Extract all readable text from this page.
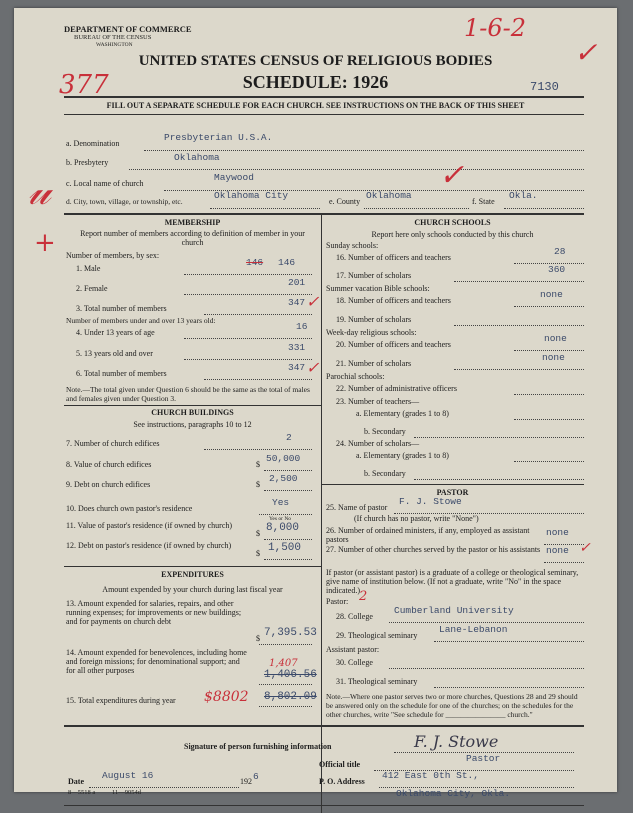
DEPARTMENT OF COMMERCE
BUREAU OF THE CENSUS
WASHINGTON
1-6-2
✓
UNITED STATES CENSUS OF RELIGIOUS BODIES
SCHEDULE: 1926
377	7130
FILL OUT A SEPARATE SCHEDULE FOR EACH CHURCH. SEE INSTRUCTIONS ON THE BACK OF THIS SHEET
a. Denomination
Presbyterian U.S.A.
b. Presbytery	Oklahoma
c. Local name of church
Maywood
d. City, town, village, or township, etc.
Oklahoma City
e. County
Oklahoma
✓
f. State
Okla.
𝓊
+
MEMBERSHIP
Report number of members according to definition of member in your church
Number of members, by sex:
1. Male
146 146
2. Female
201
3. Total number of members
347 ✓
Number of members under and over 13 years old:
4. Under 13 years of age
16
5. 13 years old and over
331
6. Total number of members
347 ✓
Note.—The total given under Question 6 should be the same as the total of males and females given under Question 3.
CHURCH BUILDINGS
See instructions, paragraphs 10 to 12
7. Number of church edifices
2
8. Value of church edifices	$
50,000
9. Debt on church edifices	$
2,500
10. Does church own pastor's residence
Yes
Yes or No
11. Value of pastor's residence (if owned by church)
$ 8,000
12. Debt on pastor's residence (if owned by church)
$ 1,500
EXPENDITURES
Amount expended by your church during last fiscal year
13. Amount expended for salaries, repairs, and other running expenses; for improvements or new buildings; and for payments on church debt
$ 7,395.53
14. Amount expended for benevolences, including home and foreign missions; for denominational support; and for all other purposes
1,407
1,406.56
15. Total expenditures during year $8802 8,802.09
CHURCH SCHOOLS
Report here only schools conducted by this church
Sunday schools:
16. Number of officers and teachers
28
17. Number of scholars
360
Summer vacation Bible schools:
18. Number of officers and teachers
none
19. Number of scholars
Week-day religious schools:
20. Number of officers and teachers
none
21. Number of scholars
none
Parochial schools:
22. Number of administrative officers
23. Number of teachers—
a. Elementary (grades 1 to 8)
b. Secondary
24. Number of scholars—
a. Elementary (grades 1 to 8)
b. Secondary
PASTOR
25. Name of pastor
F. J. Stowe
(If church has no pastor, write "None")
26. Number of ordained ministers, if any, employed as assistant pastors
none
27. Number of other churches served by the pastor or his assistants none ✓
If pastor (or assistant pastor) is a graduate of a college or theological seminary, give name of institution below. (If not a graduate, write "No" in the space indicated.)
Pastor: 2
28. College
Cumberland University
29. Theological seminary
Lane-Lebanon
Assistant pastor:
30. College
31. Theological seminary
Note.—Where one pastor serves two or more churches, Questions 28 and 29 should be answered only on the schedule for one of the churches; on the schedules for the other churches, write "See schedule for ________________ church."
Signature of person furnishing information	F. J. Stowe
Official title
Pastor
Date
August 16
192 6	P. O. Address
412 East 0th St.,
Oklahoma City, Okla.
8—5518 a	11—9054d
